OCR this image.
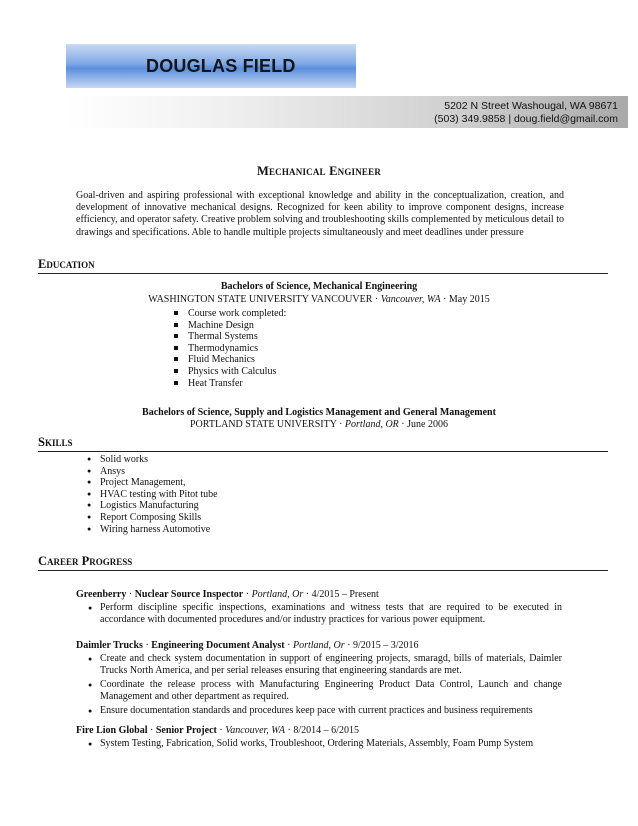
DOUGLAS FIELD
5202 N Street Washougal, WA 98671
(503) 349.9858 | doug.field@gmail.com
Mechanical Engineer
Goal-driven and aspiring professional with exceptional knowledge and ability in the conceptualization, creation, and development of innovative mechanical designs. Recognized for keen ability to improve component designs, increase efficiency, and operator safety. Creative problem solving and troubleshooting skills complemented by meticulous detail to drawings and specifications. Able to handle multiple projects simultaneously and meet deadlines under pressure
Education
Bachelors of Science, Mechanical Engineering
WASHINGTON STATE UNIVERSITY VANCOUVER · Vancouver, WA · May 2015
Course work completed:
Machine Design
Thermal Systems
Thermodynamics
Fluid Mechanics
Physics with Calculus
Heat Transfer
Bachelors of Science, Supply and Logistics Management and General Management
PORTLAND STATE UNIVERSITY · Portland, OR · June 2006
Skills
● Solid works
● Ansys
● Project Management,
● HVAC testing with Pitot tube
● Logistics Manufacturing
● Report Composing Skills
● Wiring harness Automotive
Career Progress
Greenberry · Nuclear Source Inspector · Portland, Or · 4/2015 – Present
● Perform discipline specific inspections, examinations and witness tests that are required to be executed in accordance with documented procedures and/or industry practices for various power equipment.
Daimler Trucks · Engineering Document Analyst · Portland, Or · 9/2015 – 3/2016
● Create and check system documentation in support of engineering projects, smaragd, bills of materials, Daimler Trucks North America, and per serial releases ensuring that engineering standards are met.
● Coordinate the release process with Manufacturing Engineering Product Data Control, Launch and change Management and other department as required.
● Ensure documentation standards and procedures keep pace with current practices and business requirements
Fire Lion Global · Senior Project · Vancouver, WA · 8/2014 – 6/2015
● System Testing, Fabrication, Solid works, Troubleshoot, Ordering Materials, Assembly, Foam Pump System
